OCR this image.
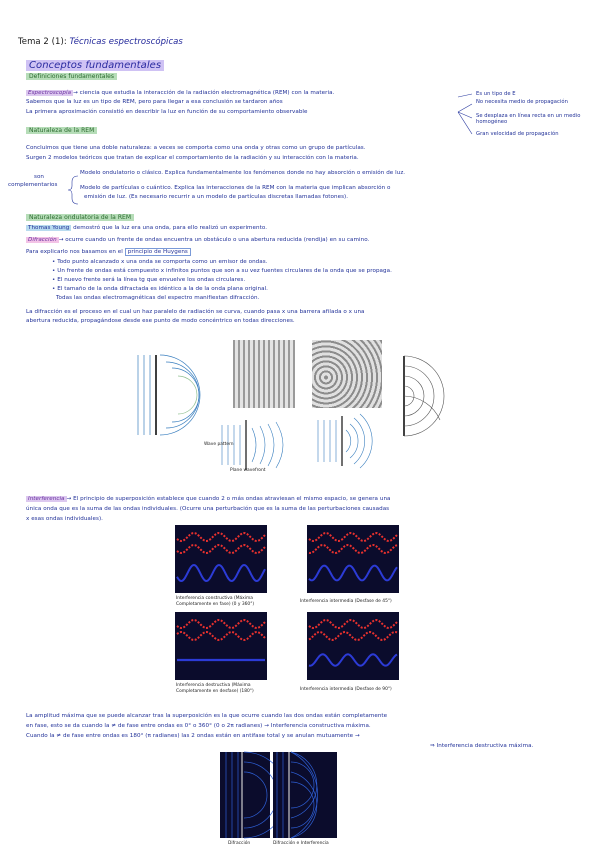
Tema 2 (1): Técnicas espectroscópicas
Conceptos fundamentales
Definiciones fundamentales
Espectroscopía → ciencia que estudia la interacción de la radiación electromagnética (REM) con la materia.
Sabemos que la luz es un tipo de REM, pero para llegar a esa conclusión se tardaron años
La primera aproximación consistió en describir la luz en función de su comportamiento observable
Es un tipo de E
No necesita medio de propagación
Se desplaza en línea recta en un medio homogéneo
Gran velocidad de propagación
Naturaleza de la REM
Concluimos que tiene una doble naturaleza: a veces se comporta como una onda y otras como un grupo de partículas.
Surgen 2 modelos teóricos que tratan de explicar el comportamiento de la radiación y su interacción con la materia.
son
complementarios
Modelo ondulatorio o clásico. Explica fundamentalmente los fenómenos donde no hay absorción o emisión de luz.
Modelo de partículas o cuántico. Explica las interacciones de la REM con la materia que implican absorción o
emisión de luz. (Es necesario recurrir a un modelo de partículas discretas llamadas fotones).
Naturaleza ondulatoria de la REM
Thomas Young demostró que la luz era una onda, para ello realizó un experimento.
Difracción → ocurre cuando un frente de ondas encuentra un obstáculo o una abertura reducida (rendija) en su camino.
Para explicarlo nos basamos en el principio de Huygens
• Todo punto alcanzado x una onda se comporta como un emisor de ondas.
• Un frente de ondas está compuesto x infinitos puntos que son a su vez fuentes circulares de la onda que se propaga.
• El nuevo frente será la línea tg que envuelve los ondas circulares.
• El tamaño de la onda difractada es idéntico a la de la onda plana original.
Todas las ondas electromagnéticas del espectro manifiestan difracción.
La difracción es el proceso en el cual un haz paralelo de radiación se curva, cuando pasa x una barrera afilada o x una
abertura reducida, propagándose desde ese punto de modo concéntrico en todas direcciones.
Wave pattern
Plane wavefront
Interferencia → El principio de superposición establece que cuando 2 o más ondas atraviesan el mismo espacio, se genera una
única onda que es la suma de las ondas individuales. (Ocurre una perturbación que es la suma de las perturbaciones causadas
x esas ondas individuales).
Interferencia constructiva (Máxima
Completamente en fase) (0 y 360°)
Interferencia intermedia (Desfase de 45°)
Interferencia destructiva (Máxima
Completamente en desfase) (180°)	Interferencia intermedia (Desfase de 90°)
La amplitud máxima que se puede alcanzar tras la superposición es la que ocurre cuando las dos ondas están completamente
en fase, esto se da cuando la ≠ de fase entre ondas es 0° o 360° (0 o 2π radianes) → Interferencia constructiva máxima.
Cuando la ≠ de fase entre ondas es 180° (π radianes) las 2 ondas están en antifase total y se anulan mutuamente →
⇒ Interferencia destructiva máxima.
Difracción	Difracción e Interferencia
